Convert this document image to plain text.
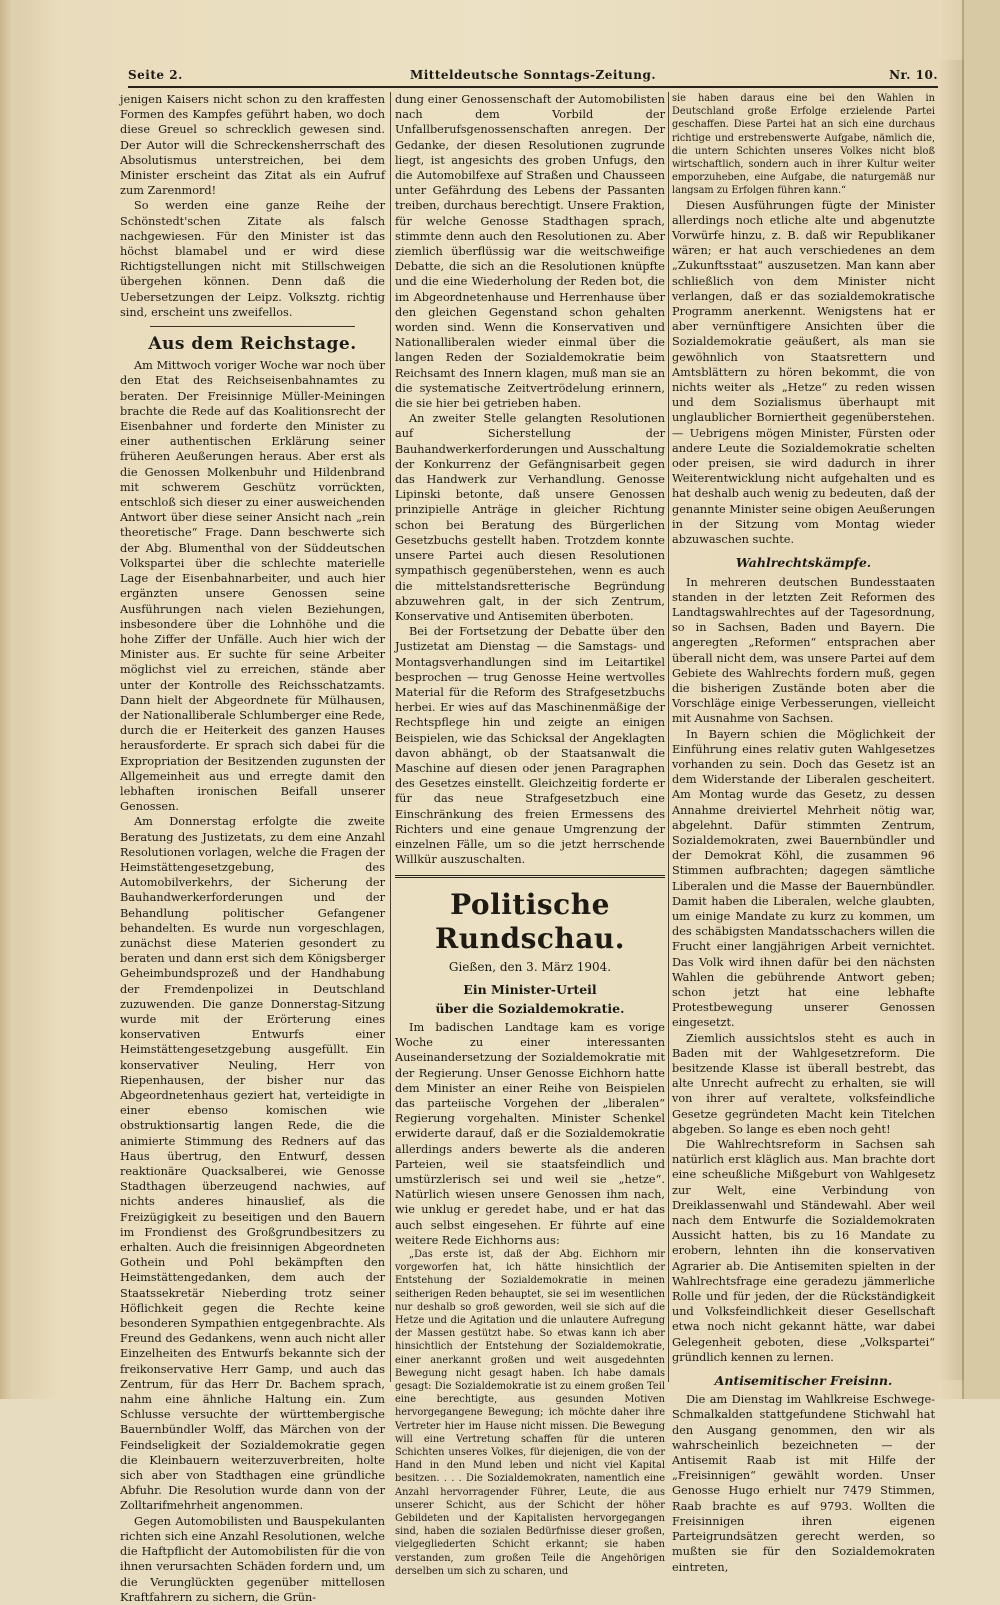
Seite 2.	Mitteldeutsche Sonntags-Zeitung.	Nr. 10.

jenigen Kaisers nicht schon zu den kraffesten Formen des Kampfes geführt haben, wo doch diese Greuel so schrecklich gewesen sind. Der Autor will die Schreckensherrschaft des Absolutismus unterstreichen, bei dem Minister erscheint das Zitat als ein Aufruf zum Zarenmord!

So werden eine ganze Reihe der Schönstedt'schen Zitate als falsch nachgewiesen. Für den Minister ist das höchst blamabel und er wird diese Richtigstellungen nicht mit Stillschweigen übergehen können. Denn daß die Uebersetzungen der Leipz. Volksztg. richtig sind, erscheint uns zweifellos.

Aus dem Reichstage.

Am Mittwoch voriger Woche war noch über den Etat des Reichseisenbahnamtes zu beraten. Der Freisinnige Müller-Meiningen brachte die Rede auf das Koalitionsrecht der Eisenbahner und forderte den Minister zu einer authentischen Erklärung seiner früheren Aeußerungen heraus. Aber erst als die Genossen Molkenbuhr und Hildenbrand mit schwerem Geschütz vorrückten, entschloß sich dieser zu einer ausweichenden Antwort über diese seiner Ansicht nach „rein theoretische“ Frage. Dann beschwerte sich der Abg. Blumenthal von der Süddeutschen Volkspartei über die schlechte materielle Lage der Eisenbahnarbeiter, und auch hier ergänzten unsere Genossen seine Ausführungen nach vielen Beziehungen, insbesondere über die Lohnhöhe und die hohe Ziffer der Unfälle. Auch hier wich der Minister aus. Er suchte für seine Arbeiter möglichst viel zu erreichen, stände aber unter der Kontrolle des Reichsschatzamts. Dann hielt der Abgeordnete für Mülhausen, der Nationalliberale Schlumberger eine Rede, durch die er Heiterkeit des ganzen Hauses herausforderte. Er sprach sich dabei für die Expropriation der Besitzenden zugunsten der Allgemeinheit aus und erregte damit den lebhaften ironischen Beifall unserer Genossen.

Am Donnerstag erfolgte die zweite Beratung des Justizetats, zu dem eine Anzahl Resolutionen vorlagen, welche die Fragen der Heimstättengesetzgebung, des Automobilverkehrs, der Sicherung der Bauhandwerkerforderungen und der Behandlung politischer Gefangener behandelten. Es wurde nun vorgeschlagen, zunächst diese Materien gesondert zu beraten und dann erst sich dem Königsberger Geheimbundsprozeß und der Handhabung der Fremdenpolizei in Deutschland zuzuwenden. Die ganze Donnerstag-Sitzung wurde mit der Erörterung eines konservativen Entwurfs einer Heimstättengesetzgebung ausgefüllt. Ein konservativer Neuling, Herr von Riepenhausen, der bisher nur das Abgeordnetenhaus geziert hat, verteidigte in einer ebenso komischen wie obstruktionsartig langen Rede, die die animierte Stimmung des Redners auf das Haus übertrug, den Entwurf, dessen reaktionäre Quacksalberei, wie Genosse Stadthagen überzeugend nachwies, auf nichts anderes hinauslief, als die Freizügigkeit zu beseitigen und den Bauern im Frondienst des Großgrundbesitzers zu erhalten. Auch die freisinnigen Abgeordneten Gothein und Pohl bekämpften den Heimstättengedanken, dem auch der Staatssekretär Nieberding trotz seiner Höflichkeit gegen die Rechte keine besonderen Sympathien entgegenbrachte. Als Freund des Gedankens, wenn auch nicht aller Einzelheiten des Entwurfs bekannte sich der freikonservative Herr Gamp, und auch das Zentrum, für das Herr Dr. Bachem sprach, nahm eine ähnliche Haltung ein. Zum Schlusse versuchte der württembergische Bauernbündler Wolff, das Märchen von der Feindseligkeit der Sozialdemokratie gegen die Kleinbauern weiterzuverbreiten, holte sich aber von Stadthagen eine gründliche Abfuhr. Die Resolution wurde dann von der Zolltarifmehrheit angenommen.

Gegen Automobilisten und Bauspekulanten richten sich eine Anzahl Resolutionen, welche die Haftpflicht der Automobilisten für die von ihnen verursachten Schäden fordern und, um die Verunglückten gegenüber mittellosen Kraftfahrern zu sichern, die Grün-

dung einer Genossenschaft der Automobilisten nach dem Vorbild der Unfallberufsgenossenschaften anregen. Der Gedanke, der diesen Resolutionen zugrunde liegt, ist angesichts des groben Unfugs, den die Automobilfexe auf Straßen und Chausseen unter Gefährdung des Lebens der Passanten treiben, durchaus berechtigt. Unsere Fraktion, für welche Genosse Stadthagen sprach, stimmte denn auch den Resolutionen zu. Aber ziemlich überflüssig war die weitschweifige Debatte, die sich an die Resolutionen knüpfte und die eine Wiederholung der Reden bot, die im Abgeordnetenhause und Herrenhause über den gleichen Gegenstand schon gehalten worden sind. Wenn die Konservativen und Nationalliberalen wieder einmal über die langen Reden der Sozialdemokratie beim Reichsamt des Innern klagen, muß man sie an die systematische Zeitvertrödelung erinnern, die sie hier bei getrieben haben.

An zweiter Stelle gelangten Resolutionen auf Sicherstellung der Bauhandwerkerforderungen und Ausschaltung der Konkurrenz der Gefängnisarbeit gegen das Handwerk zur Verhandlung. Genosse Lipinski betonte, daß unsere Genossen prinzipielle Anträge in gleicher Richtung schon bei Beratung des Bürgerlichen Gesetzbuchs gestellt haben. Trotzdem konnte unsere Partei auch diesen Resolutionen sympathisch gegenüberstehen, wenn es auch die mittelstandsretterische Begründung abzuwehren galt, in der sich Zentrum, Konservative und Antisemiten überboten.

Bei der Fortsetzung der Debatte über den Justizetat am Dienstag — die Samstags- und Montagsverhandlungen sind im Leitartikel besprochen — trug Genosse Heine wertvolles Material für die Reform des Strafgesetzbuchs herbei. Er wies auf das Maschinenmäßige der Rechtspflege hin und zeigte an einigen Beispielen, wie das Schicksal der Angeklagten davon abhängt, ob der Staatsanwalt die Maschine auf diesen oder jenen Paragraphen des Gesetzes einstellt. Gleichzeitig forderte er für das neue Strafgesetzbuch eine Einschränkung des freien Ermessens des Richters und eine genaue Umgrenzung der einzelnen Fälle, um so die jetzt herrschende Willkür auszuschalten.

Politische Rundschau.
Gießen, den 3. März 1904.
Ein Minister-Urteil
über die Sozialdemokratie.

Im badischen Landtage kam es vorige Woche zu einer interessanten Auseinandersetzung der Sozialdemokratie mit der Regierung. Unser Genosse Eichhorn hatte dem Minister an einer Reihe von Beispielen das parteiische Vorgehen der „liberalen“ Regierung vorgehalten. Minister Schenkel erwiderte darauf, daß er die Sozialdemokratie allerdings anders bewerte als die anderen Parteien, weil sie staatsfeindlich und umstürzlerisch sei und weil sie „hetze“. Natürlich wiesen unsere Genossen ihm nach, wie unklug er geredet habe, und er hat das auch selbst eingesehen. Er führte auf eine weitere Rede Eichhorns aus:

„Das erste ist, daß der Abg. Eichhorn mir vorgeworfen hat, ich hätte hinsichtlich der Entstehung der Sozialdemokratie in meinen seitherigen Reden behauptet, sie sei im wesentlichen nur deshalb so groß geworden, weil sie sich auf die Hetze und die Agitation und die unlautere Aufregung der Massen gestützt habe. So etwas kann ich aber hinsichtlich der Entstehung der Sozialdemokratie, einer anerkannt großen und weit ausgedehnten Bewegung nicht gesagt haben. Ich habe damals gesagt: Die Sozialdemokratie ist zu einem großen Teil eine berechtigte, aus gesunden Motiven hervorgegangene Bewegung; ich möchte daher ihre Vertreter hier im Hause nicht missen. Die Bewegung will eine Vertretung schaffen für die unteren Schichten unseres Volkes, für diejenigen, die von der Hand in den Mund leben und nicht viel Kapital besitzen. . . . Die Sozialdemokraten, namentlich eine Anzahl hervorragender Führer, Leute, die aus unserer Schicht, aus der Schicht der höher Gebildeten und der Kapitalisten hervorgegangen sind, haben die sozialen Bedürfnisse dieser großen, vielgegliederten Schicht erkannt; sie haben verstanden, zum großen Teile die Angehörigen derselben um sich zu scharen, und

sie haben daraus eine bei den Wahlen in Deutschland große Erfolge erzielende Partei geschaffen. Diese Partei hat an sich eine durchaus richtige und erstrebenswerte Aufgabe, nämlich die, die untern Schichten unseres Volkes nicht bloß wirtschaftlich, sondern auch in ihrer Kultur weiter emporzuheben, eine Aufgabe, die naturgemäß nur langsam zu Erfolgen führen kann.“

Diesen Ausführungen fügte der Minister allerdings noch etliche alte und abgenutzte Vorwürfe hinzu, z. B. daß wir Republikaner wären; er hat auch verschiedenes an dem „Zukunftsstaat“ auszusetzen. Man kann aber schließlich von dem Minister nicht verlangen, daß er das sozialdemokratische Programm anerkennt. Wenigstens hat er aber vernünftigere Ansichten über die Sozialdemokratie geäußert, als man sie gewöhnlich von Staatsrettern und Amtsblättern zu hören bekommt, die von nichts weiter als „Hetze“ zu reden wissen und dem Sozialismus überhaupt mit unglaublicher Borniertheit gegenüberstehen. — Uebrigens mögen Minister, Fürsten oder andere Leute die Sozialdemokratie schelten oder preisen, sie wird dadurch in ihrer Weiterentwicklung nicht aufgehalten und es hat deshalb auch wenig zu bedeuten, daß der genannte Minister seine obigen Aeußerungen in der Sitzung vom Montag wieder abzuwaschen suchte.

Wahlrechtskämpfe.

In mehreren deutschen Bundesstaaten standen in der letzten Zeit Reformen des Landtagswahlrechtes auf der Tagesordnung, so in Sachsen, Baden und Bayern. Die angeregten „Reformen“ entsprachen aber überall nicht dem, was unsere Partei auf dem Gebiete des Wahlrechts fordern muß, gegen die bisherigen Zustände boten aber die Vorschläge einige Verbesserungen, vielleicht mit Ausnahme von Sachsen.

In Bayern schien die Möglichkeit der Einführung eines relativ guten Wahlgesetzes vorhanden zu sein. Doch das Gesetz ist an dem Widerstande der Liberalen gescheitert. Am Montag wurde das Gesetz, zu dessen Annahme dreiviertel Mehrheit nötig war, abgelehnt. Dafür stimmten Zentrum, Sozialdemokraten, zwei Bauernbündler und der Demokrat Köhl, die zusammen 96 Stimmen aufbrachten; dagegen sämtliche Liberalen und die Masse der Bauernbündler. Damit haben die Liberalen, welche glaubten, um einige Mandate zu kurz zu kommen, um des schäbigsten Mandatsschachers willen die Frucht einer langjährigen Arbeit vernichtet. Das Volk wird ihnen dafür bei den nächsten Wahlen die gebührende Antwort geben; schon jetzt hat eine lebhafte Protestbewegung unserer Genossen eingesetzt.

Ziemlich aussichtslos steht es auch in Baden mit der Wahlgesetzreform. Die besitzende Klasse ist überall bestrebt, das alte Unrecht aufrecht zu erhalten, sie will von ihrer auf veraltete, volksfeindliche Gesetze gegründeten Macht kein Titelchen abgeben. So lange es eben noch geht!

Die Wahlrechtsreform in Sachsen sah natürlich erst kläglich aus. Man brachte dort eine scheußliche Mißgeburt von Wahlgesetz zur Welt, eine Verbindung von Dreiklassenwahl und Ständewahl. Aber weil nach dem Entwurfe die Sozialdemokraten Aussicht hatten, bis zu 16 Mandate zu erobern, lehnten ihn die konservativen Agrarier ab. Die Antisemiten spielten in der Wahlrechtsfrage eine geradezu jämmerliche Rolle und für jeden, der die Rückständigkeit und Volksfeindlichkeit dieser Gesellschaft etwa noch nicht gekannt hätte, war dabei Gelegenheit geboten, diese „Volkspartei“ gründlich kennen zu lernen.

Antisemitischer Freisinn.

Die am Dienstag im Wahlkreise Eschwege-Schmalkalden stattgefundene Stichwahl hat den Ausgang genommen, den wir als wahrscheinlich bezeichneten — der Antisemit Raab ist mit Hilfe der „Freisinnigen“ gewählt worden. Unser Genosse Hugo erhielt nur 7479 Stimmen, Raab brachte es auf 9793. Wollten die Freisinnigen ihren eigenen Parteigrundsätzen gerecht werden, so mußten sie für den Sozialdemokraten eintreten,
